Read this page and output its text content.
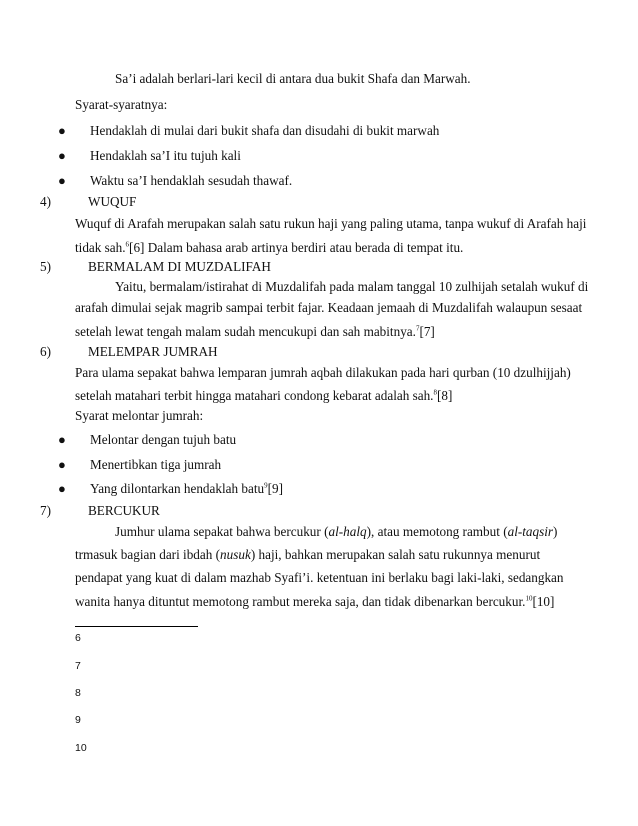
Sa’i adalah berlari-lari kecil di antara dua bukit Shafa dan Marwah.
Syarat-syaratnya:
● Hendaklah di mulai dari bukit shafa dan disudahi di bukit marwah
● Hendaklah sa’I itu tujuh kali
● Waktu sa’I hendaklah sesudah thawaf.
4)	WUQUF
Wuquf di Arafah merupakan salah satu rukun haji yang paling utama, tanpa wukuf di Arafah haji
tidak sah.$^6$[6] Dalam bahasa arab artinya berdiri atau berada di tempat itu.
5)	BERMALAM DI MUZDALIFAH
Yaitu, bermalam/istirahat di Muzdalifah pada malam tanggal 10 zulhijah setalah wukuf di
arafah dimulai sejak magrib sampai terbit fajar. Keadaan jemaah di Muzdalifah walaupun sesaat
setelah lewat tengah malam sudah mencukupi dan sah mabitnya.$^7$[7]
6)	MELEMPAR JUMRAH
Para ulama sepakat bahwa lemparan jumrah aqbah dilakukan pada hari qurban (10 dzulhijjah)
setelah matahari terbit hingga matahari condong kebarat adalah sah.$^8$[8]
Syarat melontar jumrah:
● Melontar dengan tujuh batu
● Menertibkan tiga jumrah
● Yang dilontarkan hendaklah batu$^9$[9]
7)	BERCUKUR
Jumhur ulama sepakat bahwa bercukur (al-halq), atau memotong rambut (al-taqsir)
trmasuk bagian dari ibdah (nusuk) haji, bahkan merupakan salah satu rukunnya menurut
pendapat yang kuat di dalam mazhab Syafi’i. ketentuan ini berlaku bagi laki-laki, sedangkan
wanita hanya dituntut memotong rambut mereka saja, dan tidak dibenarkan bercukur.$^{10}$[10]
6
7
8
9
10
